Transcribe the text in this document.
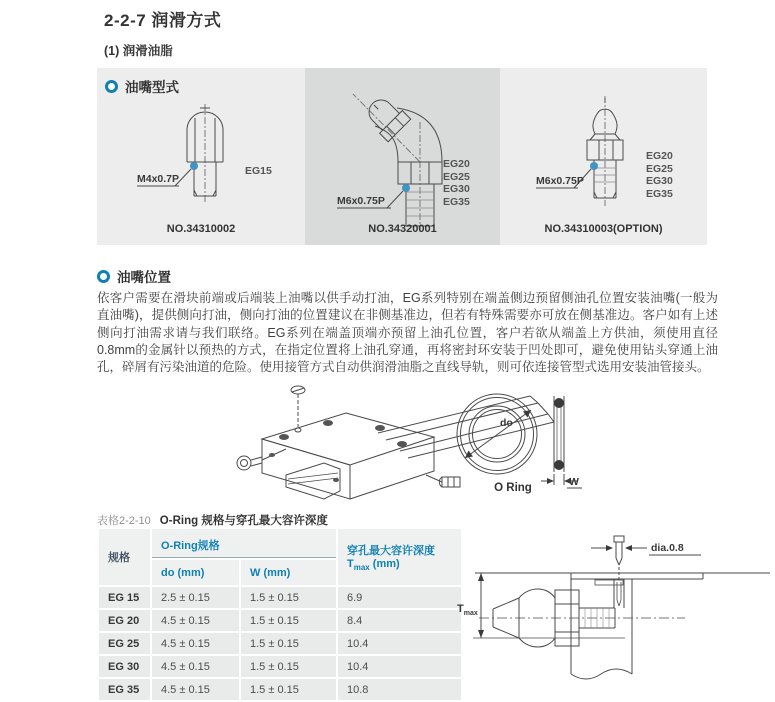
2-2-7 润滑方式
(1) 润滑油脂
油嘴型式
M4x0.7P
EG15
NO.34310002
M6x0.75P
EG20
EG25
EG30
EG35
NO.34320001
M6x0.75P
EG20
EG25
EG30
EG35
NO.34310003(OPTION)
油嘴位置

依客户需要在滑块前端或后端装上油嘴以供手动打油，EG系列特别在端盖侧边预留侧油孔位置安装油嘴(一般为直油嘴)，提供侧向打油，侧向打油的位置建议在非侧基准边，但若有特殊需要亦可放在侧基准边。客户如有上述侧向打油需求请与我们联络。EG系列在端盖顶端亦预留上油孔位置，客户若欲从端盖上方供油，须使用直径0.8mm的金属针以预热的方式，在指定位置将上油孔穿通，再将密封环安装于凹处即可，避免使用钻头穿通上油孔，碎屑有污染油道的危险。使用接管方式自动供润滑油脂之直线导轨，则可依连接管型式选用安装油管接头。

do
W
O Ring
表格2-2-10 O-Ring 规格与穿孔最大容许深度
规格	O-Ring规格		穿孔最大容许深度
$T_{max}$ (mm)
	do (mm)	W (mm)	
EG 15	2.5 ± 0.15	1.5 ± 0.15	6.9
EG 20	4.5 ± 0.15	1.5 ± 0.15	8.4
EG 25	4.5 ± 0.15	1.5 ± 0.15	10.4
EG 30	4.5 ± 0.15	1.5 ± 0.15	10.4
EG 35	4.5 ± 0.15	1.5 ± 0.15	10.8
dia.0.8
$T_{max}$
